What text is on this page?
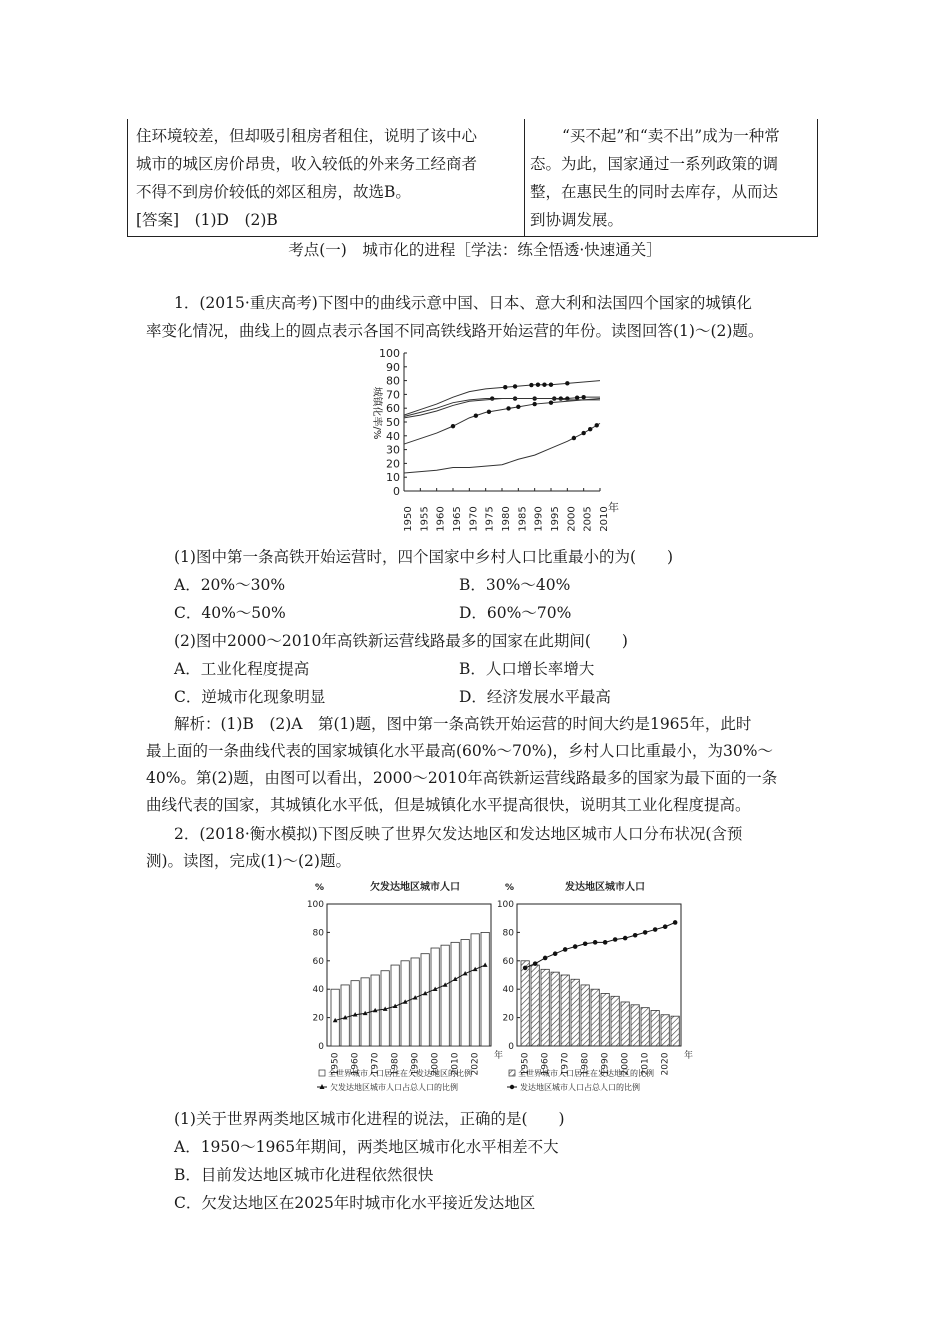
住环境较差，但却吸引租房者租住，说明了该中心
城市的城区房价昂贵，收入较低的外来务工经商者
不得不到房价较低的郊区租房，故选B。
[答案]　(1)D　(2)B
“买不起”和“卖不出”成为一种常
态。为此，国家通过一系列政策的调
整，在惠民生的同时去库存，从而达
到协调发展。
考点(一)　城市化的进程［学法：练全悟透·快速通关］
1．(2015·重庆高考)下图中的曲线示意中国、日本、意大利和法国四个国家的城镇化
率变化情况，曲线上的圆点表示各国不同高铁线路开始运营的年份。读图回答(1)～(2)题。
0
10
20
30
40
50
60
70
80
90
100
1950 1955 1960 1965 1970 1975 1980 1985 1990 1995 2000 2005 2010
年
城镇化率/%
(1)图中第一条高铁开始运营时，四个国家中乡村人口比重最小的为(　　)
A．20%～30%	B．30%～40%
C．40%～50%	D．60%～70%
(2)图中2000～2010年高铁新运营线路最多的国家在此期间(　　)
A．工业化程度提高	B．人口增长率增大
C．逆城市化现象明显	D．经济发展水平最高
解析：(1)B　(2)A　第(1)题，图中第一条高铁开始运营的时间大约是1965年，此时
最上面的一条曲线代表的国家城镇化水平最高(60%～70%)，乡村人口比重最小，为30%～
40%。第(2)题，由图可以看出，2000～2010年高铁新运营线路最多的国家为最下面的一条
曲线代表的国家，其城镇化水平低，但是城镇化水平提高很快，说明其工业化程度提高。
2．(2018·衡水模拟)下图反映了世界欠发达地区和发达地区城市人口分布状况(含预
测)。读图，完成(1)～(2)题。
欠发达地区城市人口
%
0
20
40
60
80
100
1950 1960 1970 1980 1990 2000 2010 2020 年
全世界城市人口居住在欠发达地区的比例
欠发达地区城市人口占总人口的比例
发达地区城市人口
%
0
20
40
60
80
100
1950 1960 1970 1980 1990 2000 2010 2020 年
全世界城市人口居住在发达地区的比例
发达地区城市人口占总人口的比例
(1)关于世界两类地区城市化进程的说法，正确的是(　　)
A．1950～1965年期间，两类地区城市化水平相差不大
B．目前发达地区城市化进程依然很快
C．欠发达地区在2025年时城市化水平接近发达地区
